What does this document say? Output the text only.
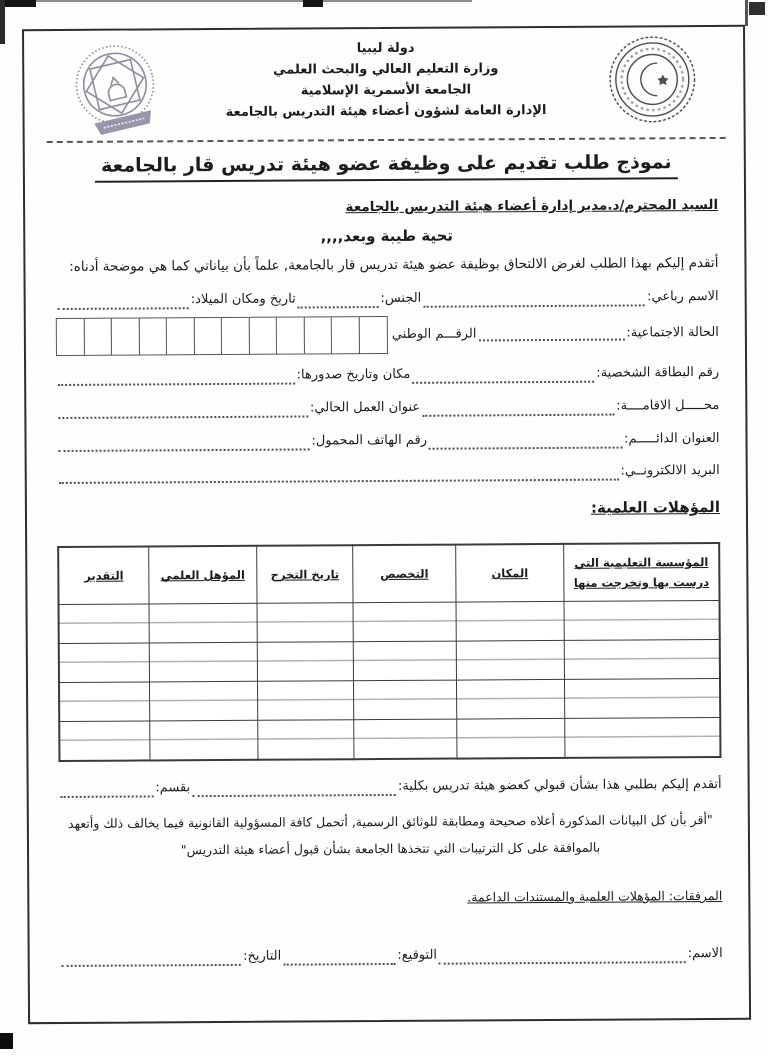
دولة ليبيا
وزارة التعليم العالي والبحث العلمي
الجامعة الأسمرية الإسلامية
الإدارة العامة لشؤون أعضاء هيئة التدريس بالجامعة
نموذج طلب تقديم على وظيفة عضو هيئة تدريس قار بالجامعة
السيد المحترم/د.مدير إدارة أعضاء هيئة التدريس بالجامعة
تحية طيبة وبعد,,,,
أتقدم إليكم بهذا الطلب لغرض الالتحاق بوظيفة عضو هيئة تدريس قار بالجامعة, علماً بأن بياناتي كما هي موضحة أدناه:
الاسم رباعي:
الجنس:
تاريخ ومكان الميلاد:
الحالة الاجتماعية:
الرقـــم الوطني
رقم البطاقة الشخصية:
مكان وتاريخ صدورها:
محـــــل الاقامــــة:
عنوان العمل الحالي:
العنوان الدائـــــم:
رقم الهاتف المحمول:
البريد الالكترونــي:
المؤهلات العلمية:
المؤسسة التعليمية التي درست بها وتخرجت منها	المكان	التخصص	تاريخ التخرج	المؤهل العلمي	التقدير

أتقدم إليكم بطلبي هذا بشأن قبولي كعضو هيئة تدريس بكلية:
بقسم:
"أقر بأن كل البيانات المذكورة أعلاه صحيحة ومطابقة للوثائق الرسمية, أتحمل كافة المسؤولية القانونية فيما يخالف ذلك وأتعهد بالموافقة على كل الترتيبات التي تتخذها الجامعة بشأن قبول أعضاء هيئة التدريس"
المرفقات: المؤهلات العلمية والمستندات الداعمة.
الاسم:
التوقيع:
التاريخ:
